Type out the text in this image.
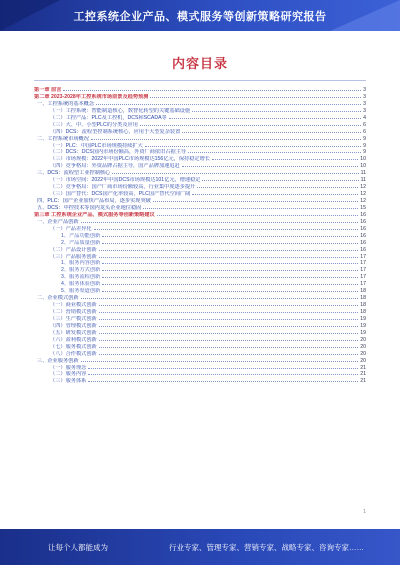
工控系统企业产品、模式服务等创新策略研究报告
内容目录
第一章 前言	3
第二章 2023-2028年工控系统市场前景及趋势预测	3
一、工控系统的基本概念	3
（一）工控系统：智能制造核心，数智化转型的关键基础设施	3
（二）工控产品：PLC及工控机，DCS和SCADA等	4
（三）大、中、小型PLC的分类及应用	6
（四）DCS：流程型控制系统核心，应用于大型复杂装置	6
二、工控系统市场概况	9
（一）PLC：中国PLC市场规模持续扩大	9
（二）DCS：DCS国内市场份额高，外资厂商依旧占据主导	9
（三）市场规模：2022年中国PLC市场规模达156亿元，保持稳定增长	10
（四）竞争格局：外资品牌占据主导，国产品牌加速追赶	10
三、DCS：流程型工业控制核心	11
（一）市场空间：2022年中国DCS市场规模达101亿元，增速稳定	11
（二）竞争格局：国产厂商市场份额较高，行业集中度逐步提升	12
（三）国产替代：DCS国产化率较高，PLC国产替代空间广阔	12
四、PLC：国产企业加快产品布局，逐步实现突破	12
五、DCS：中控技术等国内龙头企业地位稳固	15
第三章 工控系统企业产品、模式服务等创新策略建议	16
一、企业产品创新	16
（一）产品差异化	16
1、产品功能创新	16
2、产品质量创新	16
（二）产品设计创新	16
（三）产品服务创新	17
1、服务内容创新	17
2、服务方式创新	17
3、服务流程创新	17
4、服务体验创新	17
5、服务渠道创新	18
二、企业模式创新	18
（一）商业模式创新	18
（二）营销模式创新	18
（三）生产模式创新	19
（四）管理模式创新	19
（五）研发模式创新	19
（六）盈利模式创新	20
（七）服务模式创新	20
（八）合作模式创新	20
三、企业服务创新	20
（一）服务理念	21
（二）服务内容	21
（三）服务体系	21
1
让每个人都能成为	行业专家、管理专家、营销专家、战略专家、咨询专家……
